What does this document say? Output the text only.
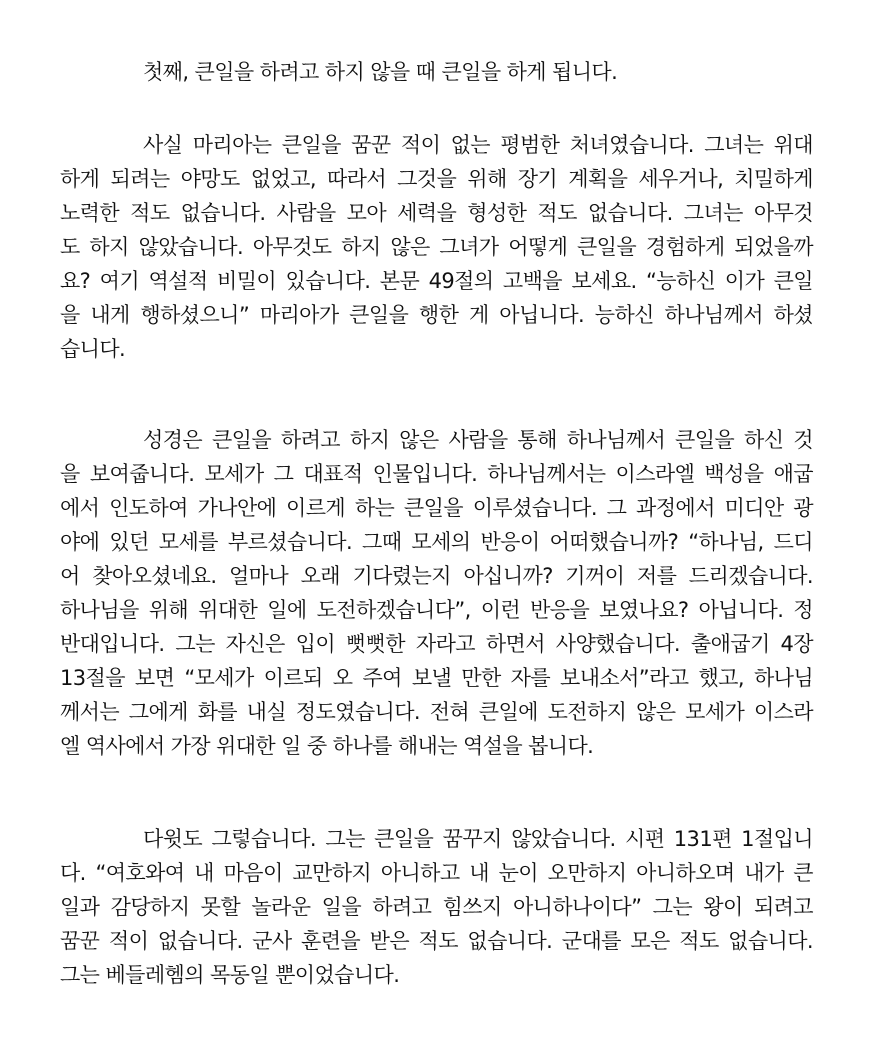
첫째, 큰일을 하려고 하지 않을 때 큰일을 하게 됩니다.
사실 마리아는 큰일을 꿈꾼 적이 없는 평범한 처녀였습니다. 그녀는 위대
하게 되려는 야망도 없었고, 따라서 그것을 위해 장기 계획을 세우거나, 치밀하게
노력한 적도 없습니다. 사람을 모아 세력을 형성한 적도 없습니다. 그녀는 아무것
도 하지 않았습니다. 아무것도 하지 않은 그녀가 어떻게 큰일을 경험하게 되었을까
요? 여기 역설적 비밀이 있습니다. 본문 49절의 고백을 보세요. “능하신 이가 큰일
을 내게 행하셨으니” 마리아가 큰일을 행한 게 아닙니다. 능하신 하나님께서 하셨
습니다.
성경은 큰일을 하려고 하지 않은 사람을 통해 하나님께서 큰일을 하신 것
을 보여줍니다. 모세가 그 대표적 인물입니다. 하나님께서는 이스라엘 백성을 애굽
에서 인도하여 가나안에 이르게 하는 큰일을 이루셨습니다. 그 과정에서 미디안 광
야에 있던 모세를 부르셨습니다. 그때 모세의 반응이 어떠했습니까? “하나님, 드디
어 찾아오셨네요. 얼마나 오래 기다렸는지 아십니까? 기꺼이 저를 드리겠습니다.
하나님을 위해 위대한 일에 도전하겠습니다”, 이런 반응을 보였나요? 아닙니다. 정
반대입니다. 그는 자신은 입이 뻣뻣한 자라고 하면서 사양했습니다. 출애굽기 4장
13절을 보면 “모세가 이르되 오 주여 보낼 만한 자를 보내소서”라고 했고, 하나님
께서는 그에게 화를 내실 정도였습니다. 전혀 큰일에 도전하지 않은 모세가 이스라
엘 역사에서 가장 위대한 일 중 하나를 해내는 역설을 봅니다.
다윗도 그렇습니다. 그는 큰일을 꿈꾸지 않았습니다. 시편 131편 1절입니
다. “여호와여 내 마음이 교만하지 아니하고 내 눈이 오만하지 아니하오며 내가 큰
일과 감당하지 못할 놀라운 일을 하려고 힘쓰지 아니하나이다” 그는 왕이 되려고
꿈꾼 적이 없습니다. 군사 훈련을 받은 적도 없습니다. 군대를 모은 적도 없습니다.
그는 베들레헴의 목동일 뿐이었습니다.
